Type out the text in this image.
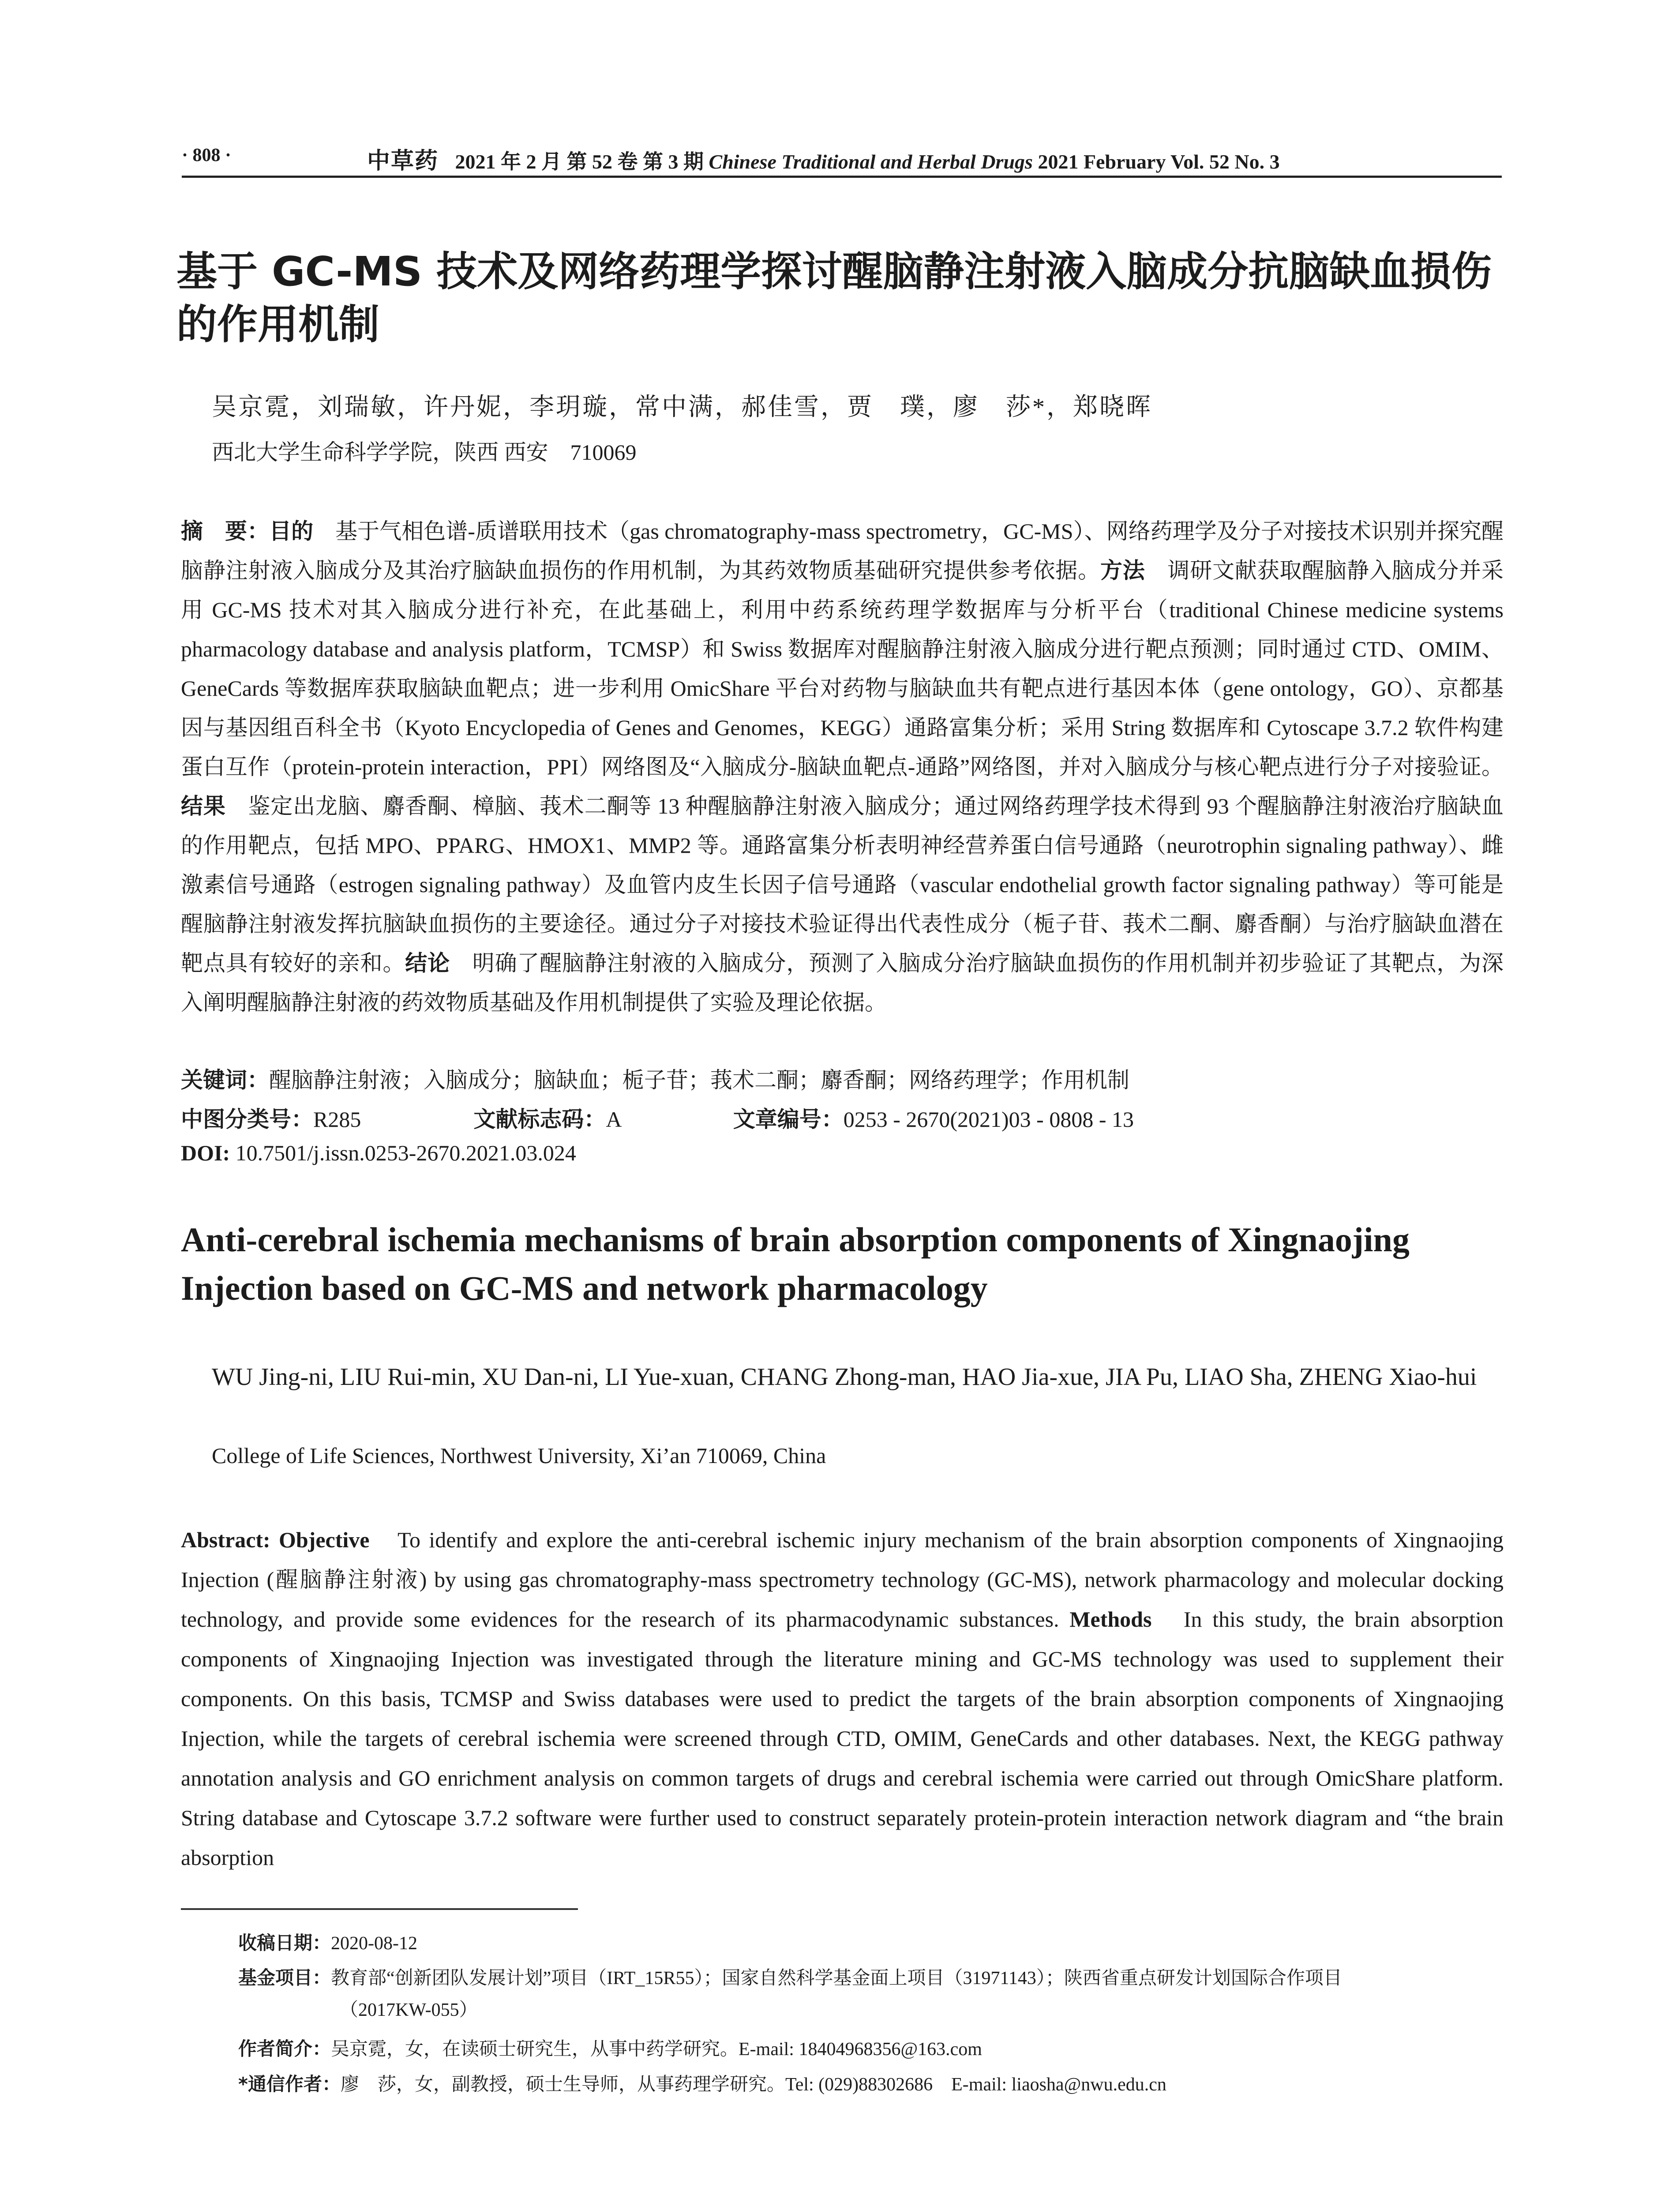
· 808 ·	中草药 2021 年 2 月 第 52 卷 第 3 期 Chinese Traditional and Herbal Drugs 2021 February Vol. 52 No. 3
基于 GC-MS 技术及网络药理学探讨醒脑静注射液入脑成分抗脑缺血损伤的作用机制

吴京霓，刘瑞敏，许丹妮，李玥璇，常中满，郝佳雪，贾　璞，廖　莎*，郑晓晖

西北大学生命科学学院，陕西 西安　710069

摘　要：目的　基于气相色谱-质谱联用技术（gas chromatography-mass spectrometry，GC-MS）、网络药理学及分子对接技术识别并探究醒脑静注射液入脑成分及其治疗脑缺血损伤的作用机制，为其药效物质基础研究提供参考依据。方法　调研文献获取醒脑静入脑成分并采用 GC-MS 技术对其入脑成分进行补充，在此基础上，利用中药系统药理学数据库与分析平台（traditional Chinese medicine systems pharmacology database and analysis platform，TCMSP）和 Swiss 数据库对醒脑静注射液入脑成分进行靶点预测；同时通过 CTD、OMIM、GeneCards 等数据库获取脑缺血靶点；进一步利用 OmicShare 平台对药物与脑缺血共有靶点进行基因本体（gene ontology，GO）、京都基因与基因组百科全书（Kyoto Encyclopedia of Genes and Genomes，KEGG）通路富集分析；采用 String 数据库和 Cytoscape 3.7.2 软件构建蛋白互作（protein-protein interaction，PPI）网络图及“入脑成分-脑缺血靶点-通路”网络图，并对入脑成分与核心靶点进行分子对接验证。结果　鉴定出龙脑、麝香酮、樟脑、莪术二酮等 13 种醒脑静注射液入脑成分；通过网络药理学技术得到 93 个醒脑静注射液治疗脑缺血的作用靶点，包括 MPO、PPARG、HMOX1、MMP2 等。通路富集分析表明神经营养蛋白信号通路（neurotrophin signaling pathway）、雌激素信号通路（estrogen signaling pathway）及血管内皮生长因子信号通路（vascular endothelial growth factor signaling pathway）等可能是醒脑静注射液发挥抗脑缺血损伤的主要途径。通过分子对接技术验证得出代表性成分（栀子苷、莪术二酮、麝香酮）与治疗脑缺血潜在靶点具有较好的亲和。结论　明确了醒脑静注射液的入脑成分，预测了入脑成分治疗脑缺血损伤的作用机制并初步验证了其靶点，为深入阐明醒脑静注射液的药效物质基础及作用机制提供了实验及理论依据。

关键词：醒脑静注射液；入脑成分；脑缺血；栀子苷；莪术二酮；麝香酮；网络药理学；作用机制

中图分类号：R285	文献标志码：A	文章编号：0253 - 2670(2021)03 - 0808 - 13

DOI: 10.7501/j.issn.0253-2670.2021.03.024

Anti-cerebral ischemia mechanisms of brain absorption components of Xingnaojing Injection based on GC-MS and network pharmacology

WU Jing-ni, LIU Rui-min, XU Dan-ni, LI Yue-xuan, CHANG Zhong-man, HAO Jia-xue, JIA Pu, LIAO Sha, ZHENG Xiao-hui

College of Life Sciences, Northwest University, Xi’an 710069, China

Abstract: Objective　To identify and explore the anti-cerebral ischemic injury mechanism of the brain absorption components of Xingnaojing Injection (醒脑静注射液) by using gas chromatography-mass spectrometry technology (GC-MS), network pharmacology and molecular docking technology, and provide some evidences for the research of its pharmacodynamic substances. Methods　In this study, the brain absorption components of Xingnaojing Injection was investigated through the literature mining and GC-MS technology was used to supplement their components. On this basis, TCMSP and Swiss databases were used to predict the targets of the brain absorption components of Xingnaojing Injection, while the targets of cerebral ischemia were screened through CTD, OMIM, GeneCards and other databases. Next, the KEGG pathway annotation analysis and GO enrichment analysis on common targets of drugs and cerebral ischemia were carried out through OmicShare platform. String database and Cytoscape 3.7.2 software were further used to construct separately protein-protein interaction network diagram and “the brain absorption

收稿日期：2020-08-12

基金项目：教育部“创新团队发展计划”项目（IRT_15R55）；国家自然科学基金面上项目（31971143）；陕西省重点研发计划国际合作项目

（2017KW-055）

作者简介：吴京霓，女，在读硕士研究生，从事中药学研究。E-mail: 18404968356@163.com

*通信作者：廖　莎，女，副教授，硕士生导师，从事药理学研究。Tel: (029)88302686　E-mail: liaosha@nwu.edu.cn
